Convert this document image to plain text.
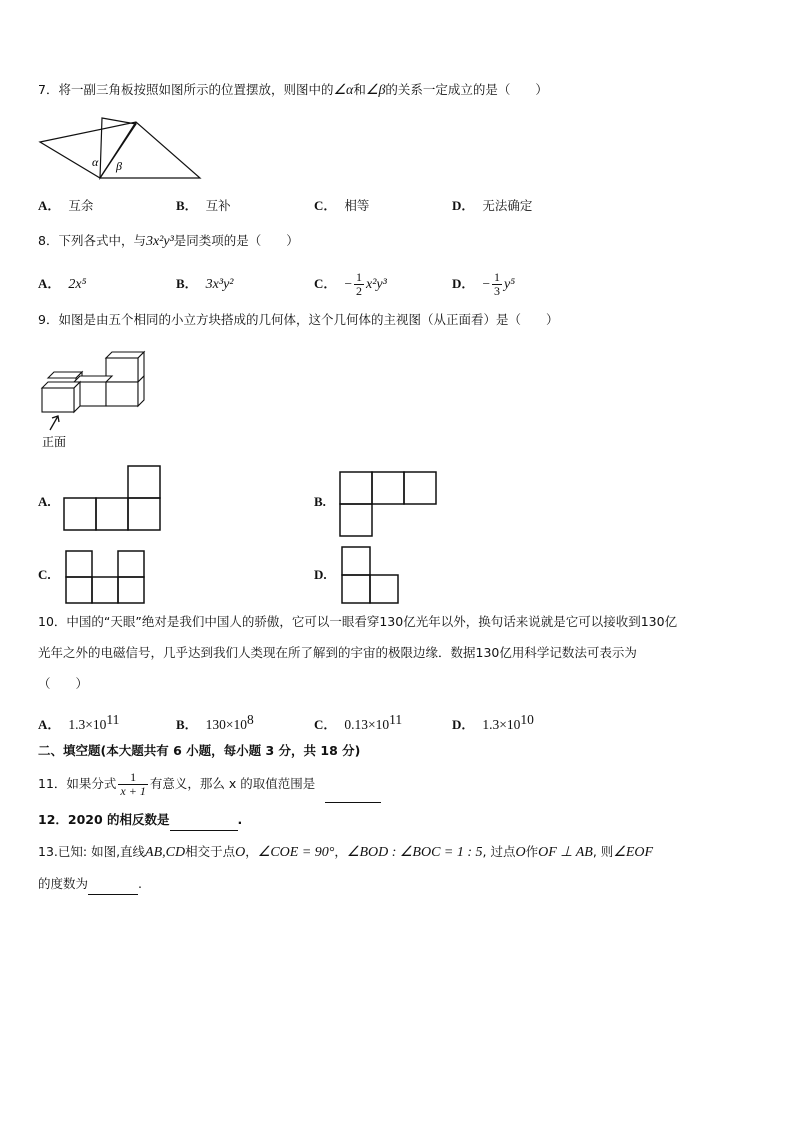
7．将一副三角板按照如图所示的位置摆放，则图中的∠α和∠β的关系一定成立的是（　　）
α β
A． 互余	B． 互补	C． 相等	D． 无法确定
8．下列各式中，与3x²y³是同类项的是（　　）
A． 2x⁵	B． 3x³y²	C． − $\frac{1}{2} x^2y^3$	D． − $\frac{1}{3} y^5$
9．如图是由五个相同的小立方块搭成的几何体，这个几何体的主视图（从正面看）是（　　）
正面
A.	B.
C.	D.
10．中国的“天眼”绝对是我们中国人的骄傲，它可以一眼看穿130亿光年以外，换句话来说就是它可以接收到130亿
光年之外的电磁信号，几乎达到我们人类现在所了解到的宇宙的极限边缘．数据130亿用科学记数法可表示为
（　　）
A． $1.3\times 10^{11}$	B． $130\times 10^8$	C． $0.13\times 10^{11}$	D． $1.3\times 10^{10}$
二、填空题(本大题共有 6 小题，每小题 3 分，共 18 分)
11．如果分式 $\frac{1}{x + 1}$ 有意义，那么 x 的取值范围是
12．2020 的相反数是	.
13.已知: 如图,直线AB,CD相交于点O，∠COE = 90°，∠BOD : ∠BOC = 1 : 5, 过点O作OF ⊥ AB, 则∠EOF
的度数为	.
